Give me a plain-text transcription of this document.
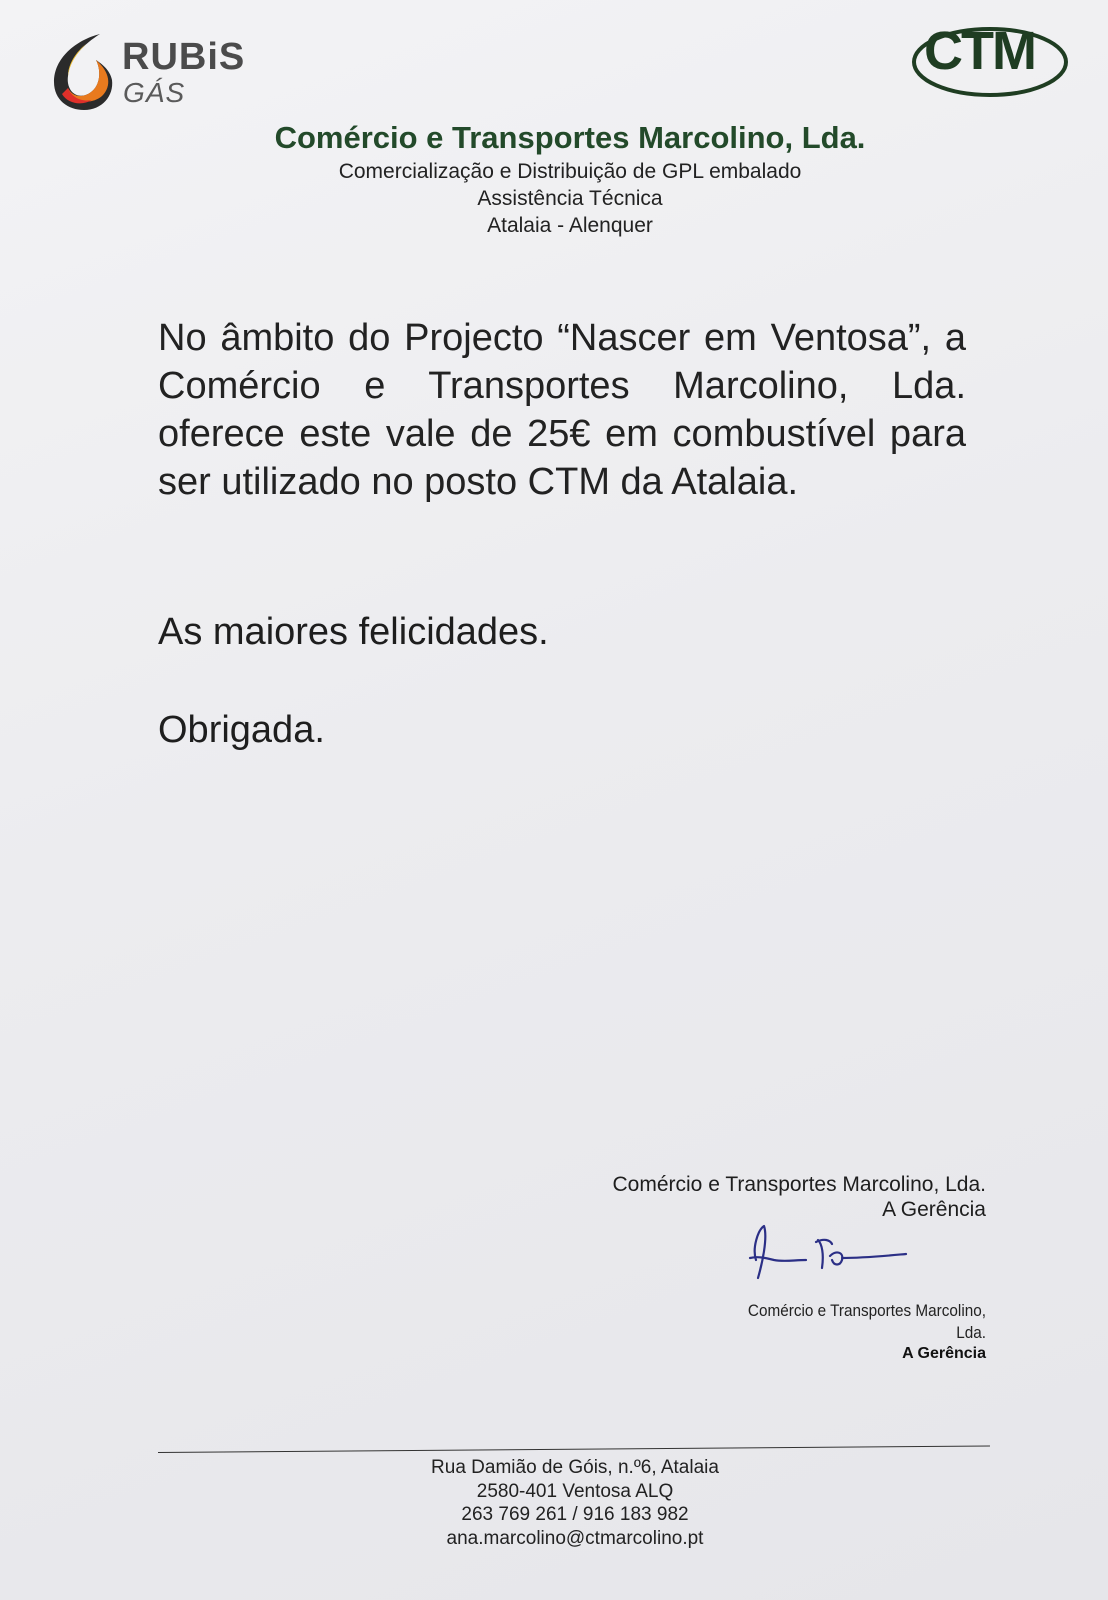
RUBiS
GÁS
CTM
Comércio e Transportes Marcolino, Lda.
Comercialização e Distribuição de GPL embalado
Assistência Técnica
Atalaia - Alenquer

No âmbito do Projecto “Nascer em Ventosa”, a Comércio e Transportes Marcolino, Lda. oferece este vale de 25€ em combustível para ser utilizado no posto CTM da Atalaia.

As maiores felicidades.
Obrigada.
Comércio e Transportes Marcolino, Lda.
A Gerência
Comércio e Transportes Marcolino, Lda.
A Gerência
Rua Damião de Góis, n.º6, Atalaia
2580-401 Ventosa ALQ
263 769 261 / 916 183 982
ana.marcolino@ctmarcolino.pt
